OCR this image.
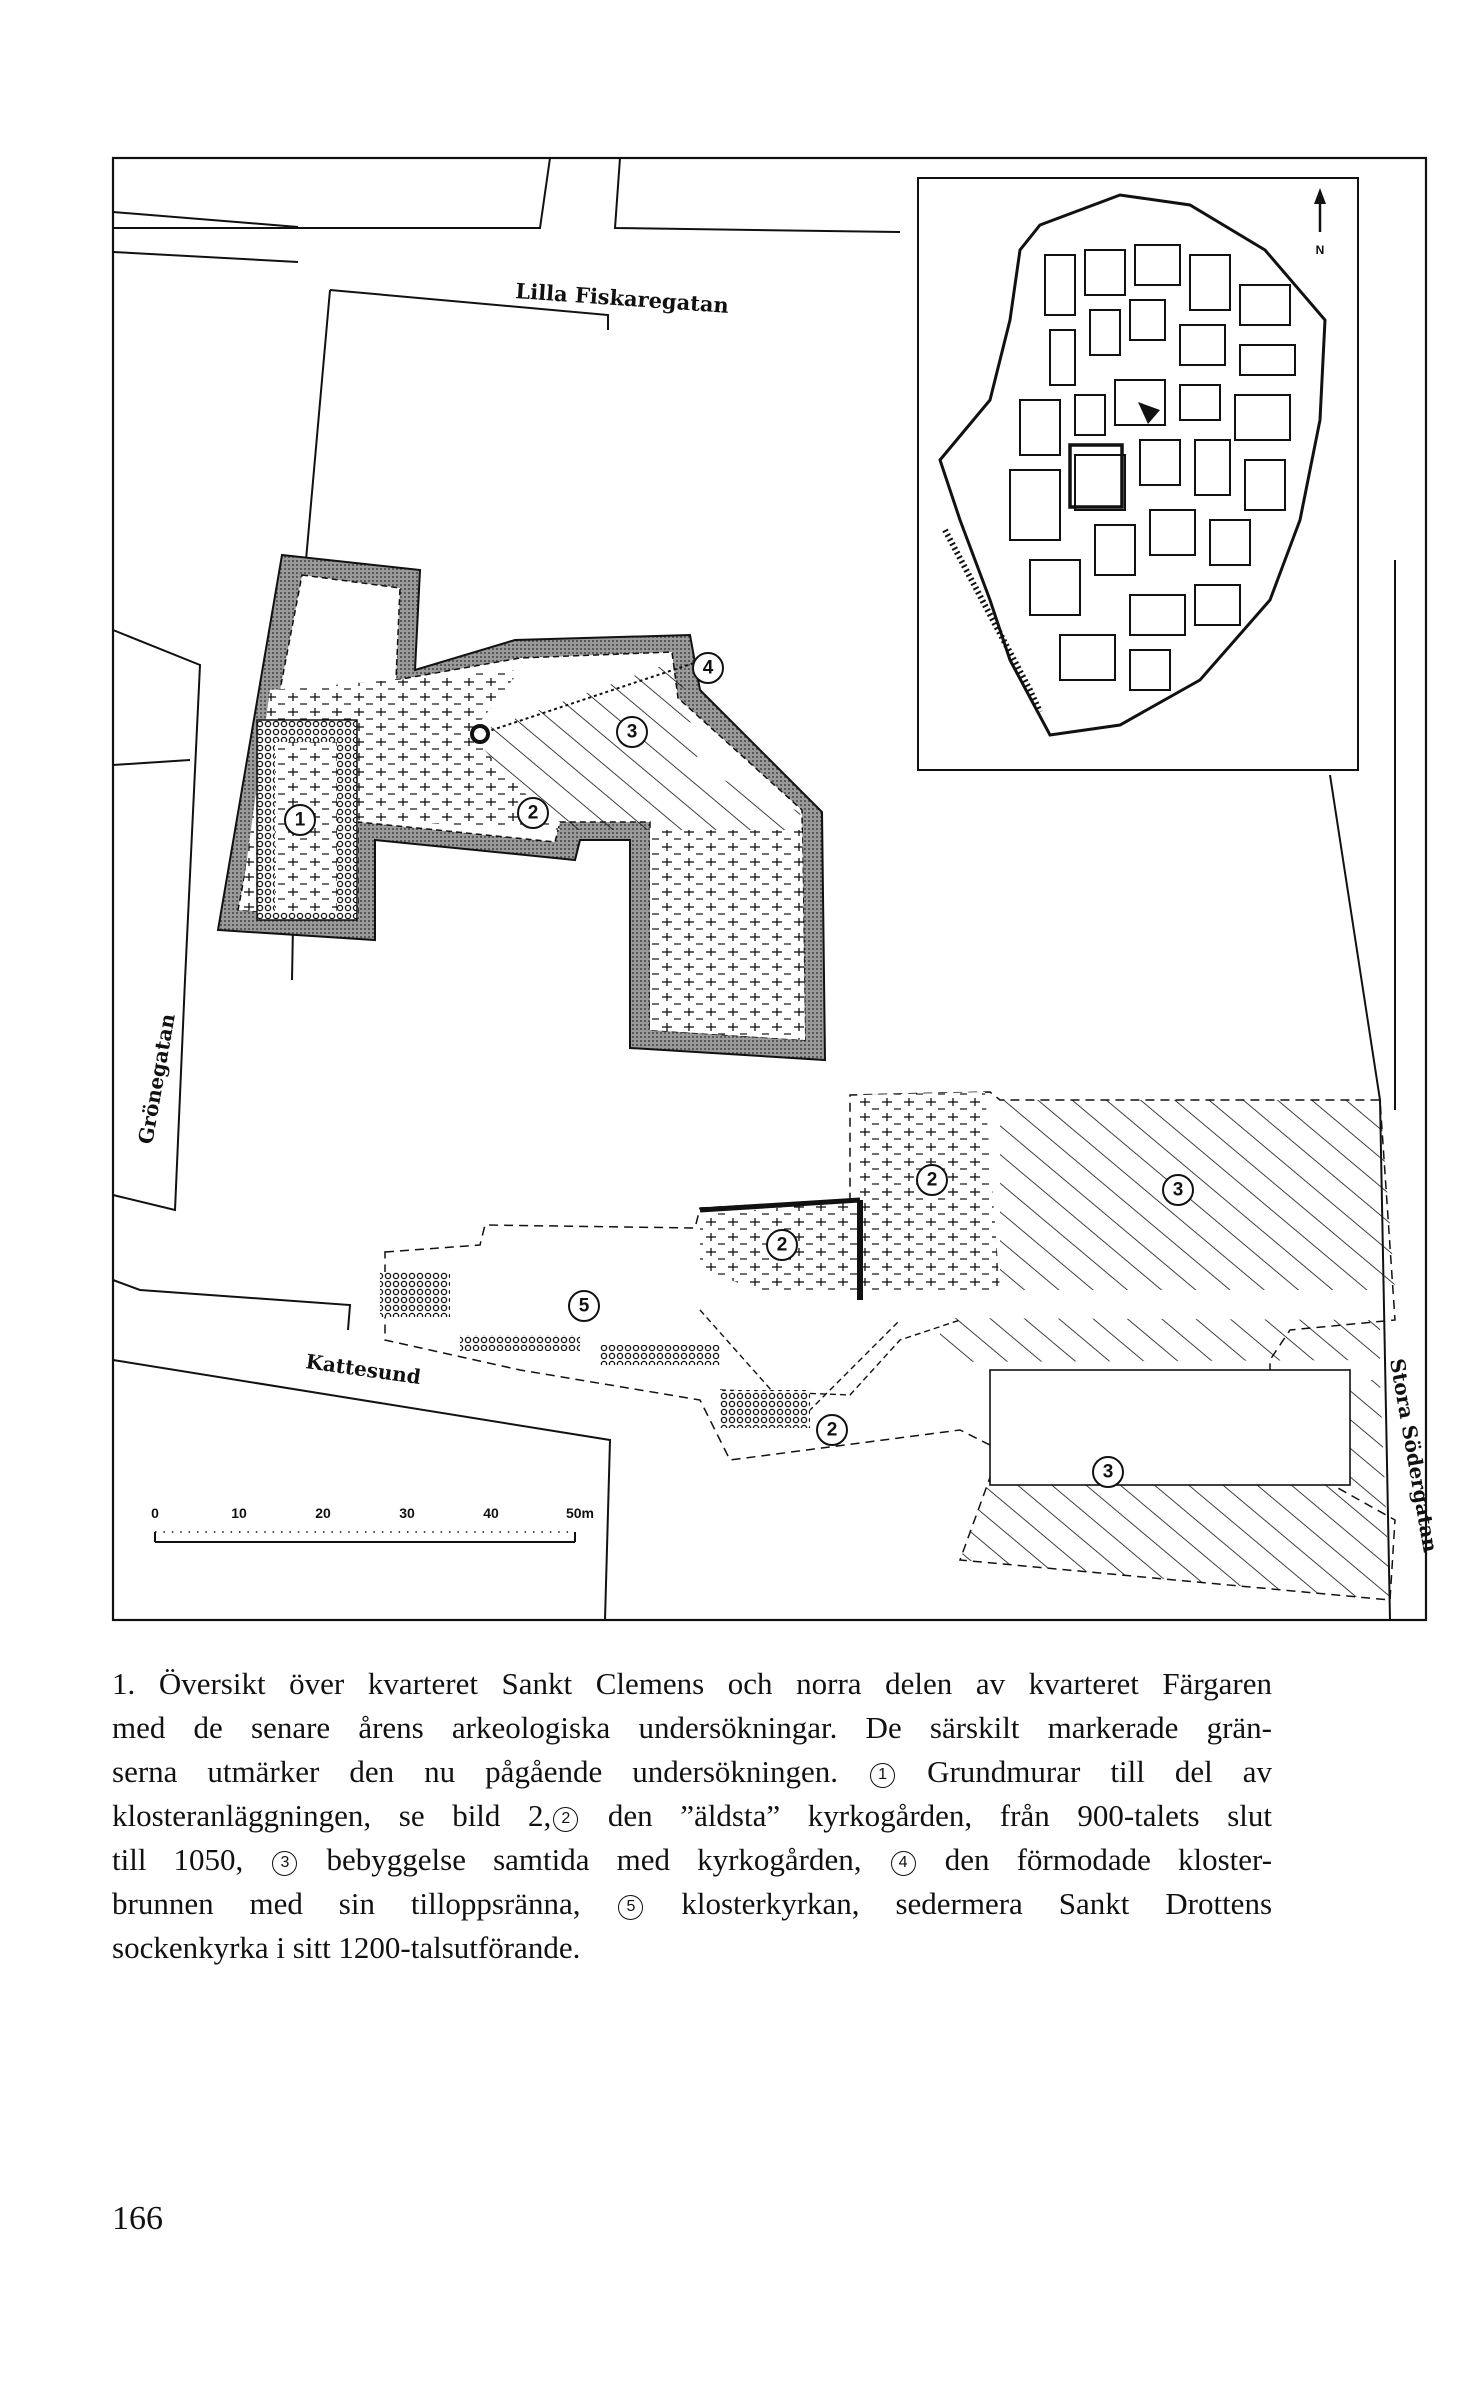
N
1	2
3
4
2	3
2
5
2
3
Lilla Fiskaregatan
Grönegatan
Kattesund	Stora Södergatan
0	10	20	30	40	50m
1. Översikt över kvarteret Sankt Clemens och norra delen av kvarteret Färgaren
med de senare årens arkeologiska undersökningar. De särskilt markerade grän-
serna utmärker den nu pågående undersökningen.	1 Grundmurar till del av
klosteranläggningen, se bild 2, 2 den ”äldsta” kyrkogården, från 900-talets slut
till 1050, 3 bebyggelse samtida med kyrkogården, 4 den förmodade kloster-
brunnen med sin tilloppsränna,	5 klosterkyrkan, sedermera Sankt Drottens
sockenkyrka i sitt 1200-talsutförande.
166
